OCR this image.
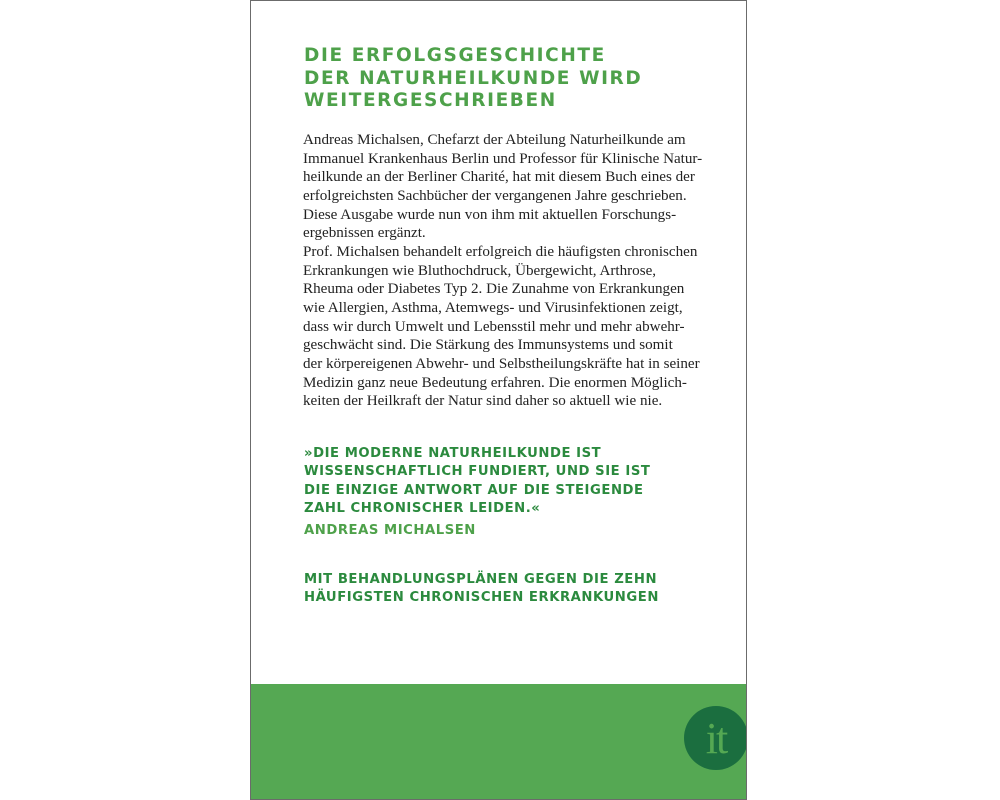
DIE ERFOLGSGESCHICHTE
DER NATURHEILKUNDE WIRD
WEITERGESCHRIEBEN

Andreas Michalsen, Chefarzt der Abteilung Naturheilkunde am
Immanuel Krankenhaus Berlin und Professor für Klinische Natur-
heilkunde an der Berliner Charité, hat mit diesem Buch eines der
erfolgreichsten Sachbücher der vergangenen Jahre geschrieben.
Diese Ausgabe wurde nun von ihm mit aktuellen Forschungs-
ergebnissen ergänzt.
Prof. Michalsen behandelt erfolgreich die häufigsten chronischen
Erkrankungen wie Bluthochdruck, Übergewicht, Arthrose,
Rheuma oder Diabetes Typ 2. Die Zunahme von Erkrankungen
wie Allergien, Asthma, Atemwegs- und Virusinfektionen zeigt,
dass wir durch Umwelt und Lebensstil mehr und mehr abwehr-
geschwächt sind. Die Stärkung des Immunsystems und somit
der körpereigenen Abwehr- und Selbstheilungskräfte hat in seiner
Medizin ganz neue Bedeutung erfahren. Die enormen Möglich-
keiten der Heilkraft der Natur sind daher so aktuell wie nie.

»DIE MODERNE NATURHEILKUNDE IST
WISSENSCHAFTLICH FUNDIERT, UND SIE IST
DIE EINZIGE ANTWORT AUF DIE STEIGENDE
ZAHL CHRONISCHER LEIDEN.«

ANDREAS MICHALSEN

MIT BEHANDLUNGSPLÄNEN GEGEN DIE ZEHN
HÄUFIGSTEN CHRONISCHEN ERKRANKUNGEN

it
